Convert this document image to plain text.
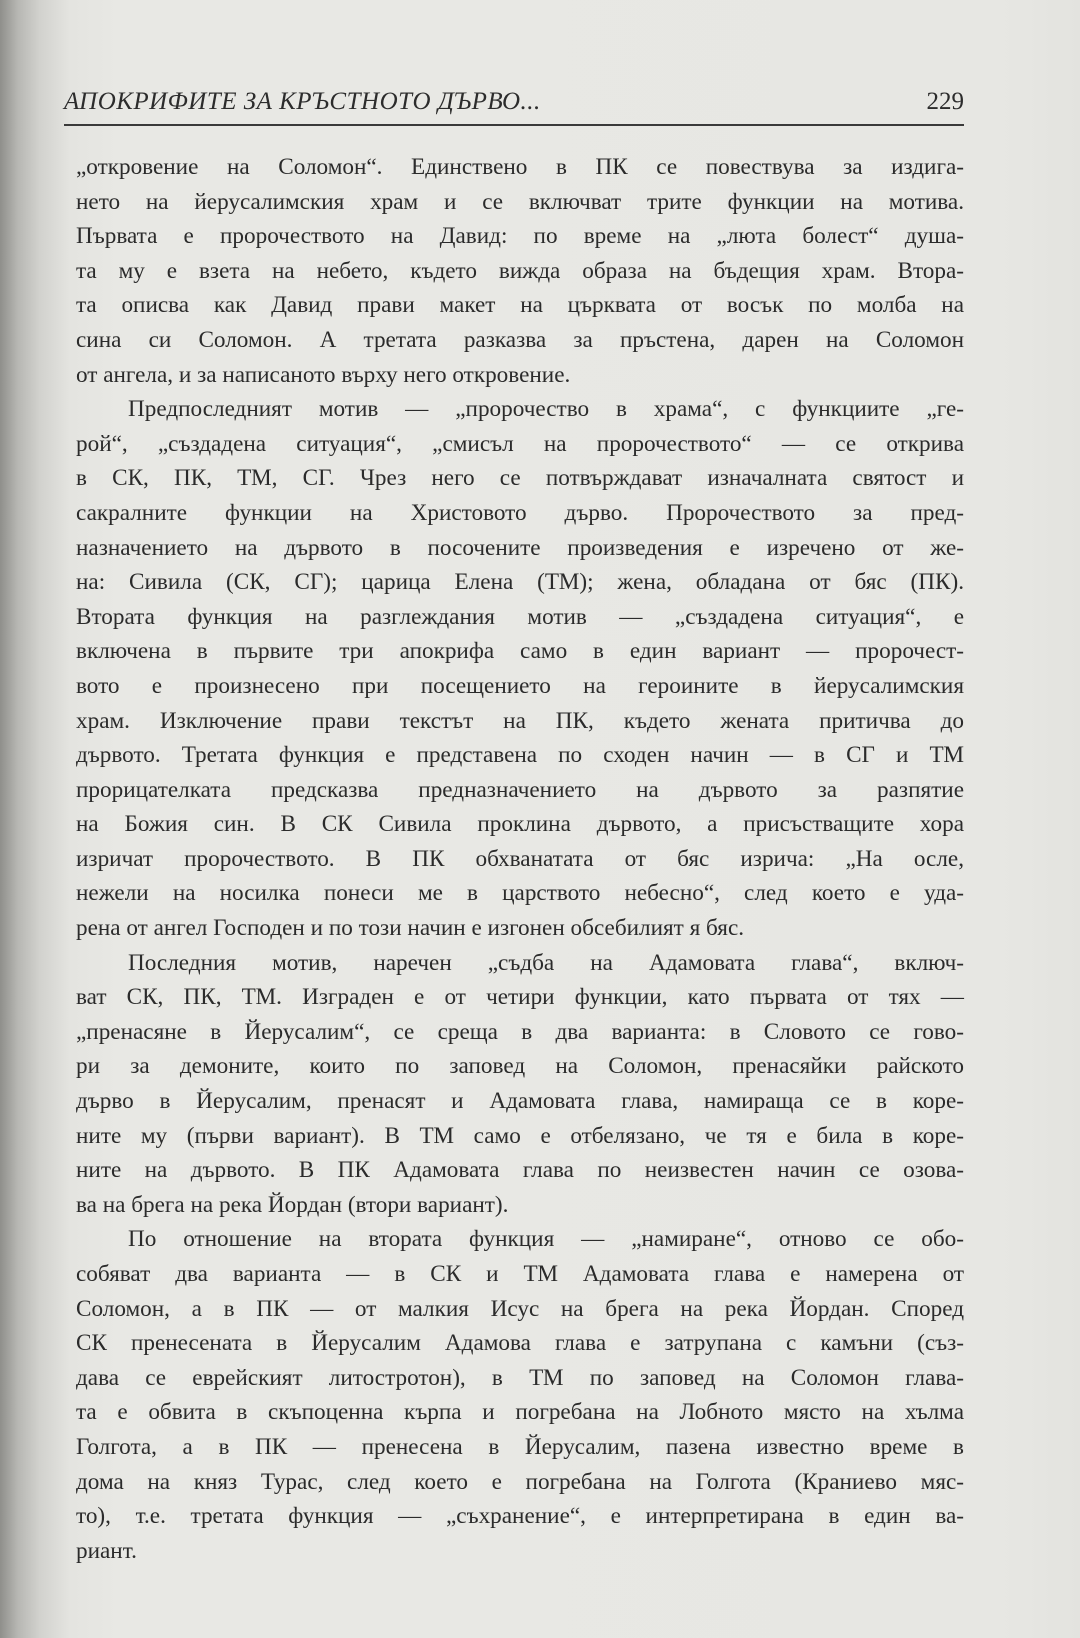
АПОКРИФИТЕ ЗА КРЪСТНОТО ДЪРВО...	229
„откровение на Соломон“. Единствено в ПК се повествува за издига-
нето на йерусалимския храм и се включват трите функции на мотива.
Първата е пророчеството на Давид: по време на „люта болест“ душа-
та му е взета на небето, където вижда образа на бъдещия храм. Втора-
та описва как Давид прави макет на църквата от восък по молба на
сина си Соломон. А третата разказва за пръстена, дарен на Соломон
от ангела, и за написаното върху него откровение.
Предпоследният мотив — „пророчество в храма“, с функциите „ге-
рой“, „създадена ситуация“, „смисъл на пророчеството“ — се открива
в СК, ПК, ТМ, СГ. Чрез него се потвърждават изначалната святост и
сакралните функции на Христовото дърво. Пророчеството за пред-
назначението на дървото в посочените произведения е изречено от же-
на: Сивила (СК, СГ); царица Елена (ТМ); жена, обладана от бяс (ПК).
Втората функция на разглеждания мотив — „създадена ситуация“, е
включена в първите три апокрифа само в един вариант — пророчест-
вото е произнесено при посещението на героините в йерусалимския
храм. Изключение прави текстът на ПК, където жената притичва до
дървото. Третата функция е представена по сходен начин — в СГ и ТМ
прорицателката предсказва предназначението на дървото за разпятие
на Божия син. В СК Сивила проклина дървото, а присъстващите хора
изричат пророчеството. В ПК обхванатата от бяс изрича: „На осле,
нежели на носилка понеси ме в царството небесно“, след което е уда-
рена от ангел Господен и по този начин е изгонен обсебилият я бяс.
Последния мотив, наречен „съдба на Адамовата глава“, включ-
ват СК, ПК, ТМ. Изграден е от четири функции, като първата от тях —
„пренасяне в Йерусалим“, се среща в два варианта: в Словото се гово-
ри за демоните, които по заповед на Соломон, пренасяйки райското
дърво в Йерусалим, пренасят и Адамовата глава, намираща се в коре-
ните му (първи вариант). В ТМ само е отбелязано, че тя е била в коре-
ните на дървото. В ПК Адамовата глава по неизвестен начин се озова-
ва на брега на река Йордан (втори вариант).
По отношение на втората функция — „намиране“, отново се обо-
собяват два варианта — в СК и ТМ Адамовата глава е намерена от
Соломон, а в ПК — от малкия Исус на брега на река Йордан. Според
СК пренесената в Йерусалим Адамова глава е затрупана с камъни (съз-
дава се еврейският литостротон), в ТМ по заповед на Соломон глава-
та е обвита в скъпоценна кърпа и погребана на Лобното място на хълма
Голгота, а в ПК — пренесена в Йерусалим, пазена известно време в
дома на княз Турас, след което е погребана на Голгота (Краниево мяс-
то), т.е. третата функция — „съхранение“, е интерпретирана в един ва-
риант.
